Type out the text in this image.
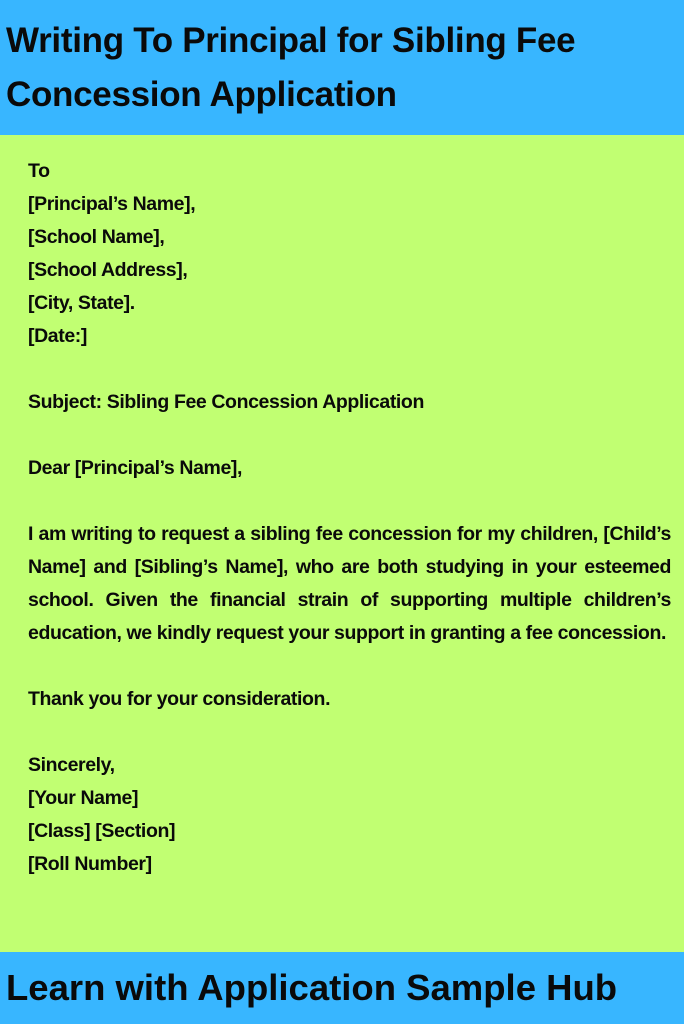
Writing To Principal for Sibling Fee Concession Application
To
[Principal’s Name],
[School Name],
[School Address],
[City, State].
[Date:]
Subject: Sibling Fee Concession Application
Dear [Principal’s Name],
I am writing to request a sibling fee concession for my children, [Child’s Name] and [Sibling’s Name], who are both studying in your esteemed school. Given the financial strain of supporting multiple children’s education, we kindly request your support in granting a fee concession.
Thank you for your consideration.
Sincerely,
[Your Name]
[Class] [Section]
[Roll Number]
Learn with Application Sample Hub
